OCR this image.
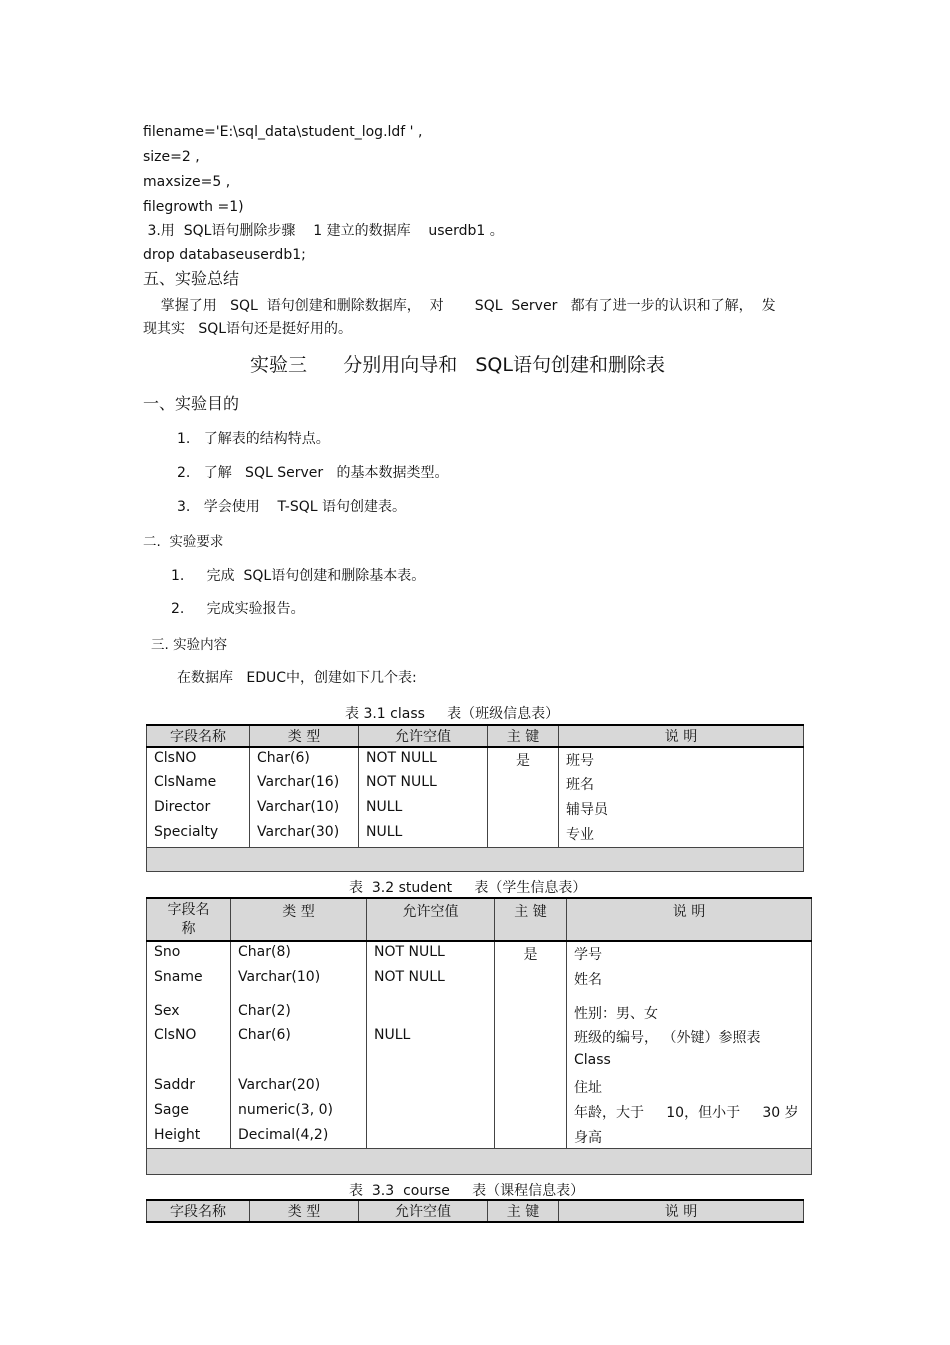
filename='E:\sql_data\student_log.ldf ' ,
size=2 ,
maxsize=5 ,
filegrowth =1)
3.用  SQL语句删除步骤    1 建立的数据库    userdb1 。
drop databaseuserdb1;
五、实验总结
掌握了用   SQL  语句创建和删除数据库，  对       SQL  Server   都有了进一步的认识和了解，  发
现其实   SQL语句还是挺好用的。
实验三      分别用向导和   SQL语句创建和删除表
一、实验目的
1.   了解表的结构特点。
2.   了解   SQL Server   的基本数据类型。
3.   学会使用    T-SQL 语句创建表。
二.  实验要求
1.     完成  SQL语句创建和删除基本表。
2.     完成实验报告。
三. 实验内容
在数据库   EDUC中，创建如下几个表:
表 3.1 class     表（班级信息表）
字段名称	类 型	允许空值	主 键	说 明
ClsNO	Char(6)	NOT NULL	是	班号
ClsName	Varchar(16)	NOT NULL		班名
Director	Varchar(10)	NULL		辅导员
Specialty	Varchar(30)	NULL		专业

表  3.2 student     表（学生信息表）
字段名
称	类 型	允许空值	主 键	说 明
Sno	Char(8)	NOT NULL	是	学号
Sname	Varchar(10)	NOT NULL		姓名
Sex	Char(2)			性别：男、女
ClsNO	Char(6)	NULL		班级的编号， （外键）参照表
Class
Saddr	Varchar(20)			住址
Sage	numeric(3, 0)			年龄，大于     10，但小于     30 岁
Height	Decimal(4,2)			身高

表  3.3  course     表（课程信息表）
字段名称	类 型	允许空值	主 键	说 明
